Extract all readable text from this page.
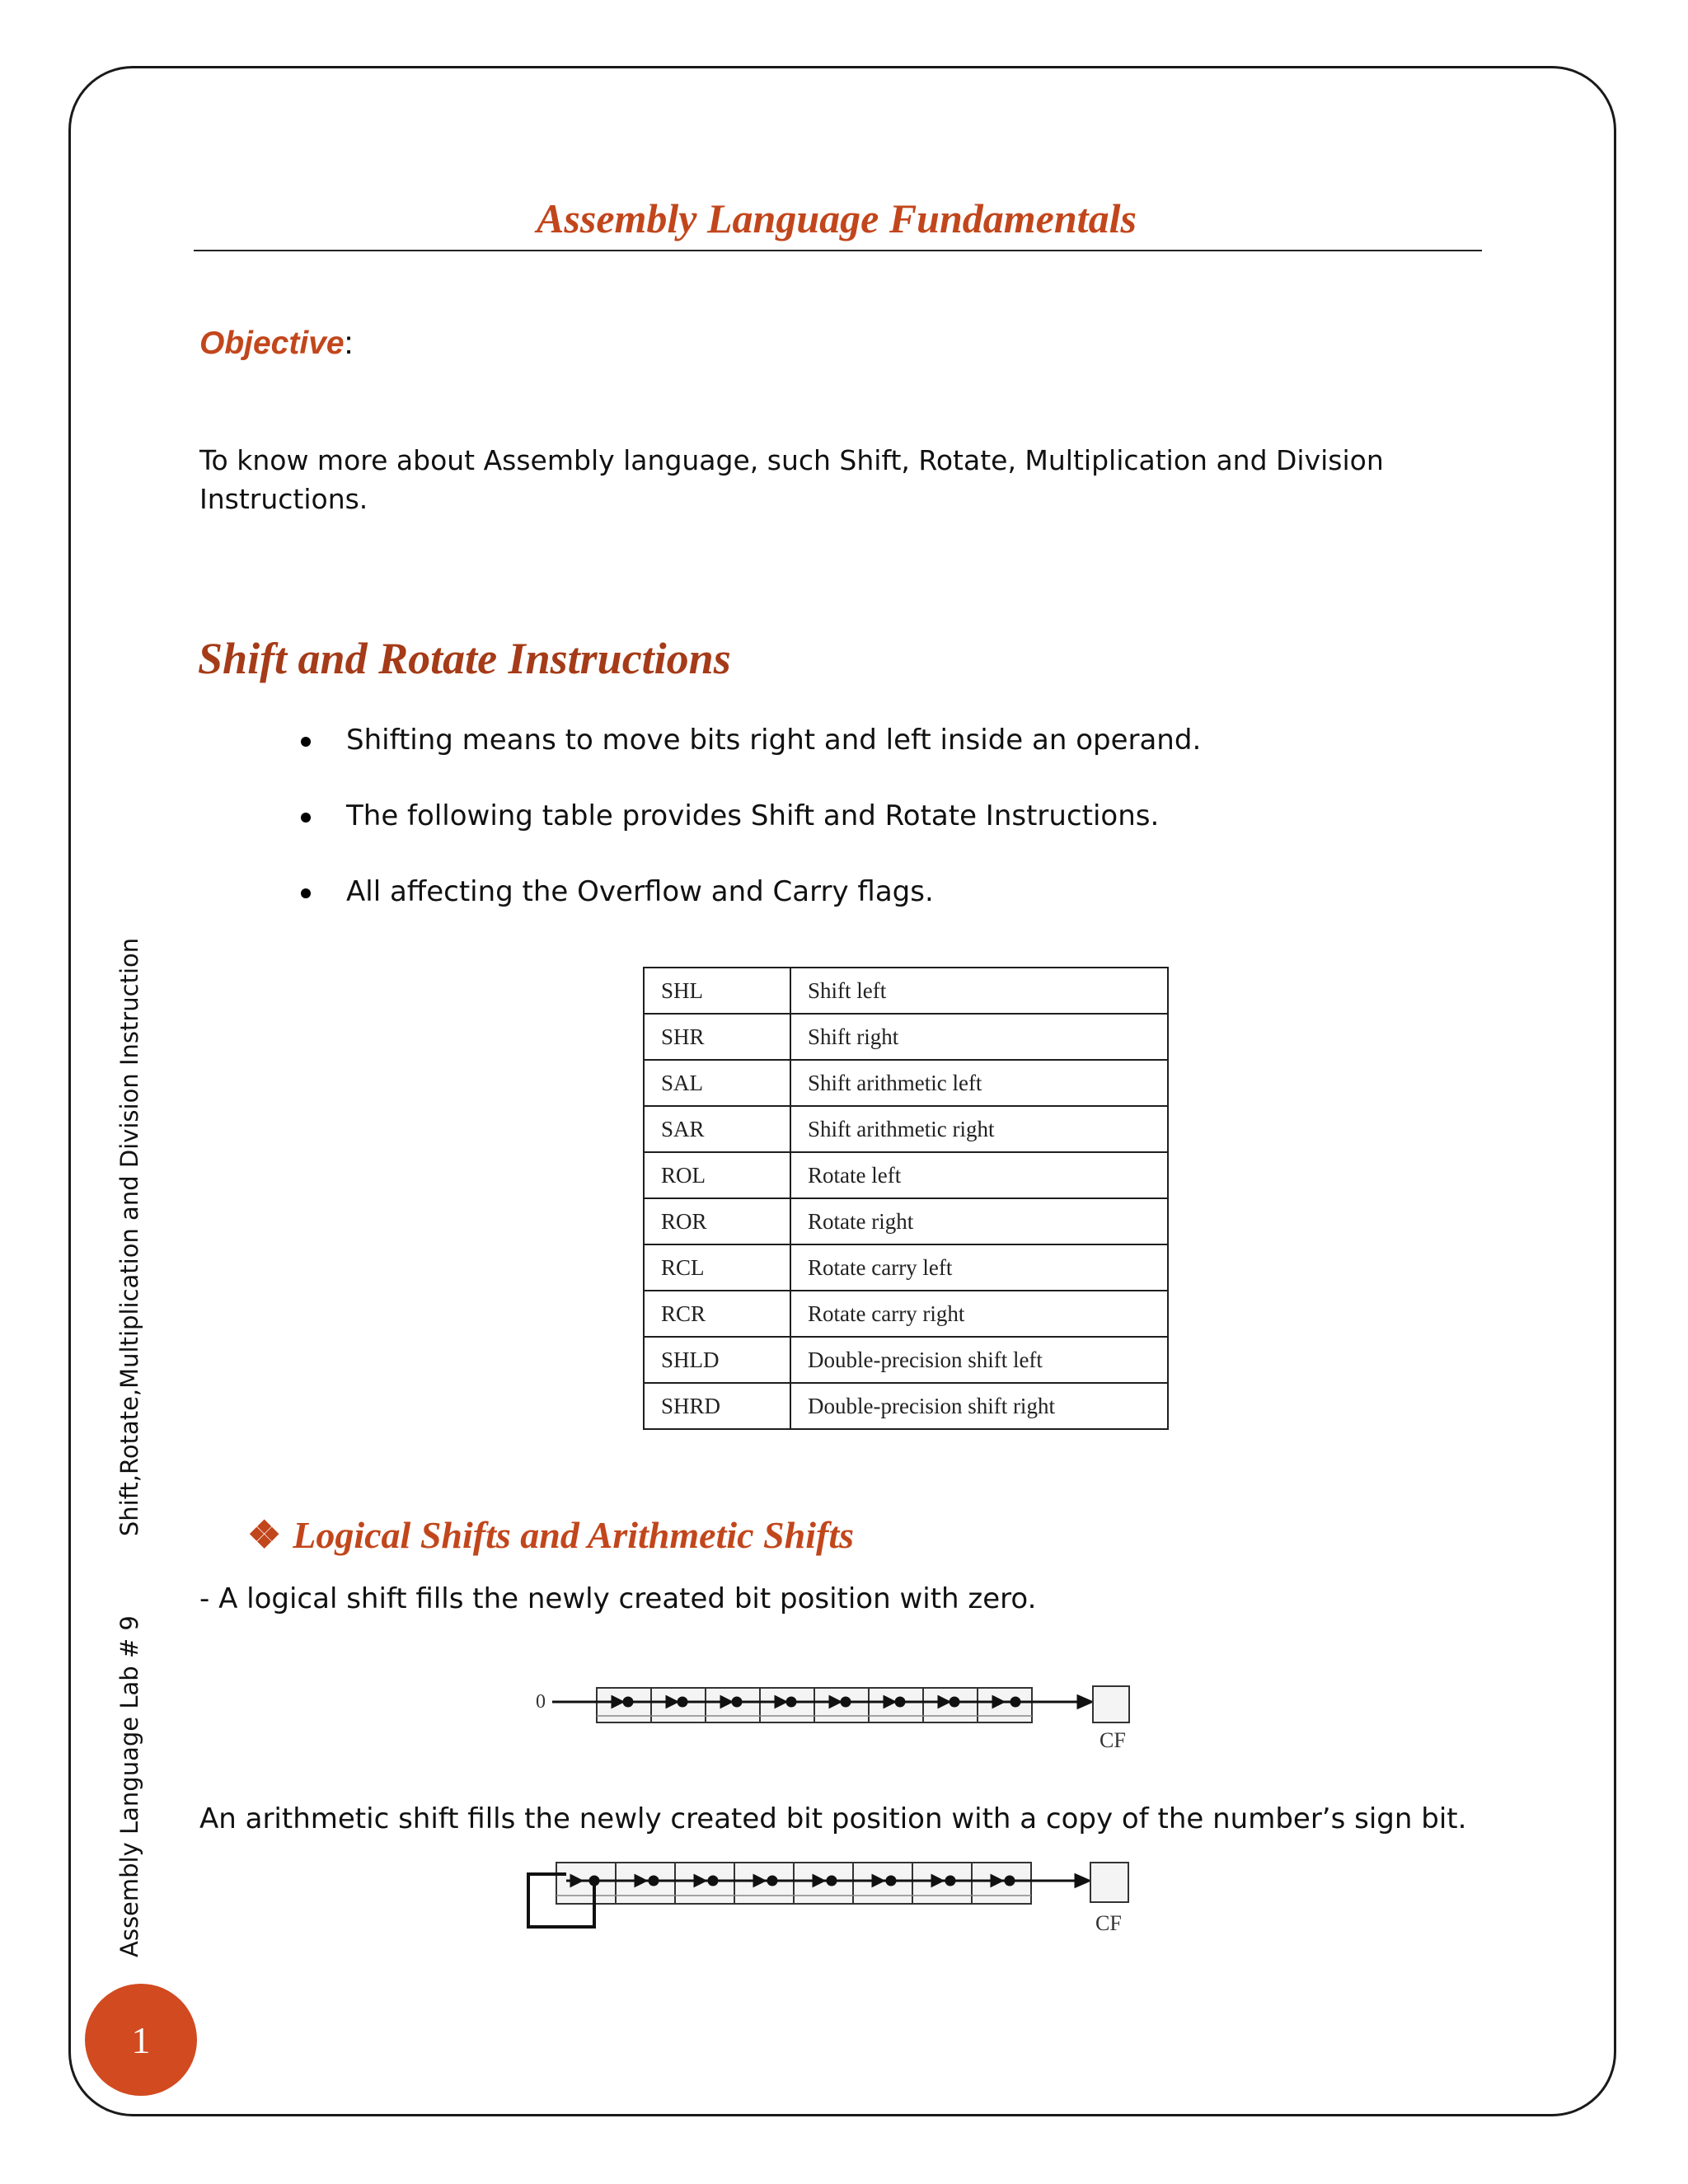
Assembly Language Fundamentals
Objective:

To know more about Assembly language, such Shift, Rotate, Multiplication and Division Instructions.

Shift and Rotate Instructions
Shifting means to move bits right and left inside an operand.
The following table provides Shift and Rotate Instructions.
All affecting the Overflow and Carry flags.
SHL	Shift left
SHR	Shift right
SAL	Shift arithmetic left
SAR	Shift arithmetic right
ROL	Rotate left
ROR	Rotate right
RCL	Rotate carry left
RCR	Rotate carry right
SHLD	Double-precision shift left
SHRD	Double-precision shift right
❖ Logical Shifts and Arithmetic Shifts

- A logical shift fills the newly created bit position with zero.

0
CF

An arithmetic shift fills the newly created bit position with a copy of the number’s sign bit.

CF
Assembly Language Lab # 9Shift,Rotate,Multiplication and Division Instruction
1
